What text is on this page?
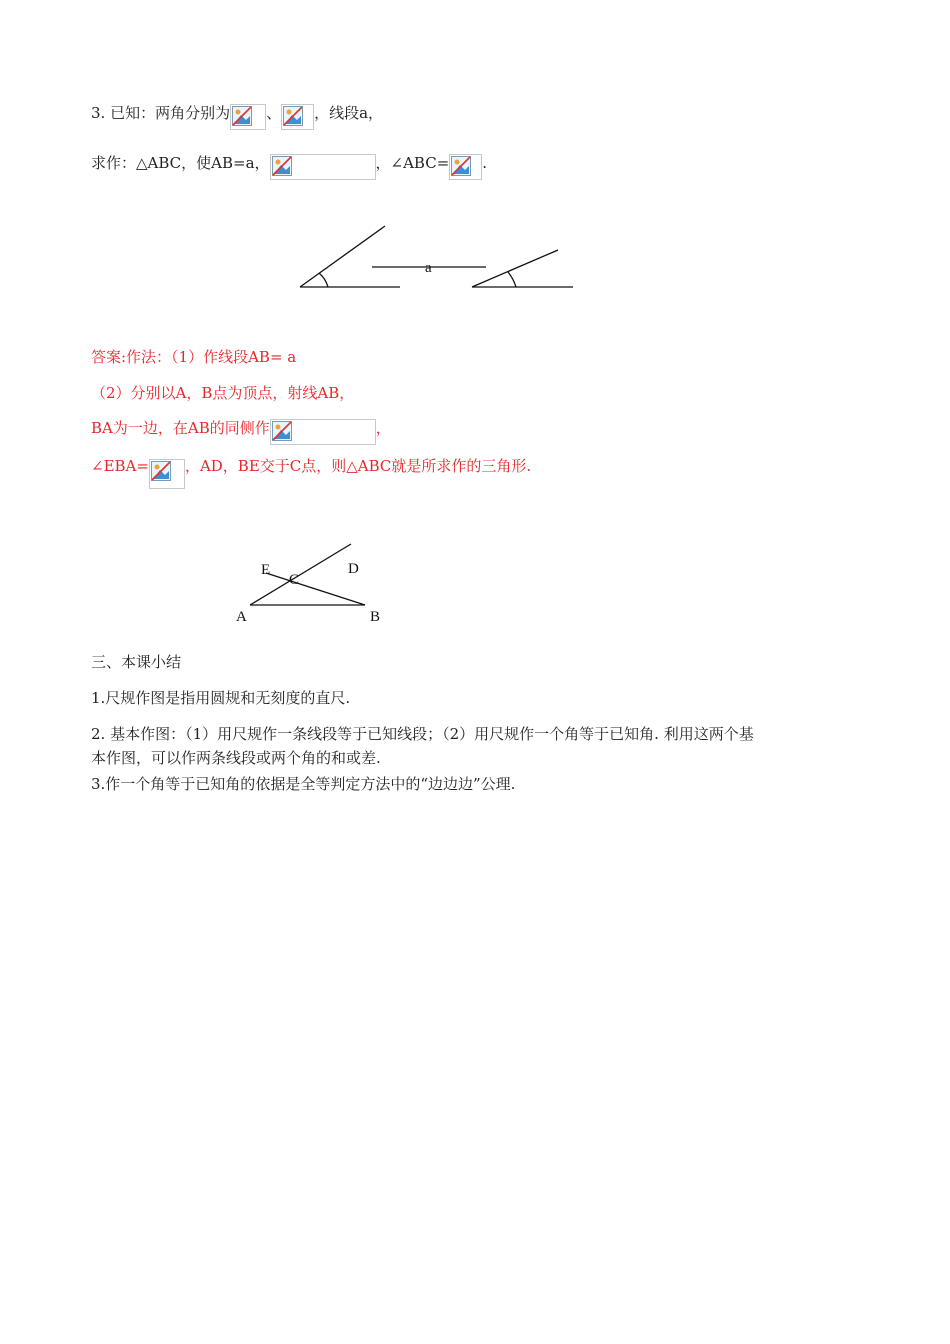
3. 已知：两角分别为 、 ，线段a，
求作：△ABC，使AB=a，	，∠ABC= .
a
答案:作法：（1）作线段AB= a
（2）分别以A，B点为顶点，射线AB，
BA为一边，在AB的同侧作	，
∠EBA= ，AD，BE交于C点，则△ABC就是所求作的三角形.
E
C
D
A	B
三、本课小结
1.尺规作图是指用圆规和无刻度的直尺.
2. 基本作图：（1）用尺规作一条线段等于已知线段；（2）用尺规作一个角等于已知角. 利用这两个基
本作图，可以作两条线段或两个角的和或差.
3.作一个角等于已知角的依据是全等判定方法中的“边边边”公理.
